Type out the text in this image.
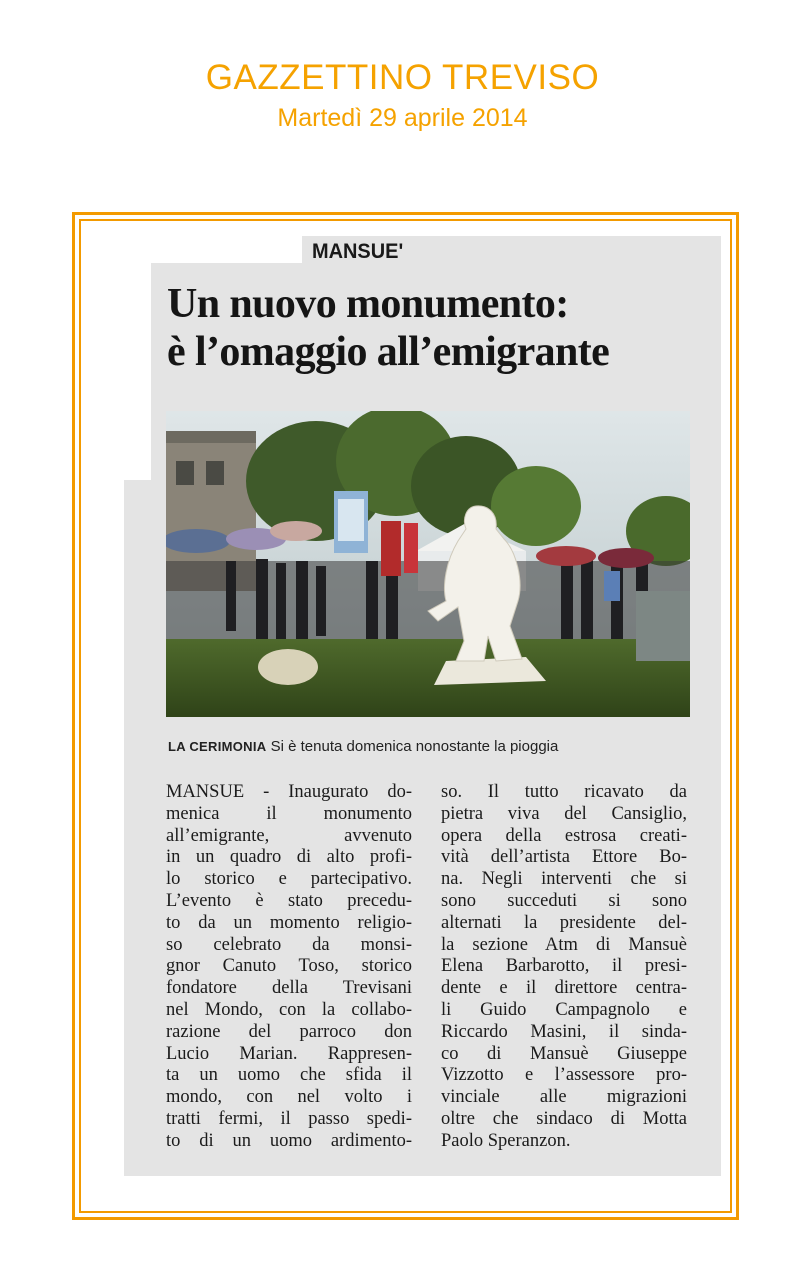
GAZZETTINO TREVISO
Martedì 29 aprile 2014
MANSUE'
Un nuovo monumento:
è l’omaggio all’emigrante
LA CERIMONIA Si è tenuta domenica nonostante la pioggia
MANSUE - Inaugurato do-
menica il monumento
all’emigrante, avvenuto
in un quadro di alto profi-
lo storico e partecipativo.
L’evento è stato precedu-
to da un momento religio-
so celebrato da monsi-
gnor Canuto Toso, storico
fondatore della Trevisani
nel Mondo, con la collabo-
razione del parroco don
Lucio Marian. Rappresen-
ta un uomo che sfida il
mondo, con nel volto i
tratti fermi, il passo spedi-
to di un uomo ardimento-
so. Il tutto ricavato da
pietra viva del Cansiglio,
opera della estrosa creati-
vità dell’artista Ettore Bo-
na. Negli interventi che si
sono succeduti si sono
alternati la presidente del-
la sezione Atm di Mansuè
Elena Barbarotto, il presi-
dente e il direttore centra-
li Guido Campagnolo e
Riccardo Masini, il sinda-
co di Mansuè Giuseppe
Vizzotto e l’assessore pro-
vinciale alle migrazioni
oltre che sindaco di Motta
Paolo Speranzon.
